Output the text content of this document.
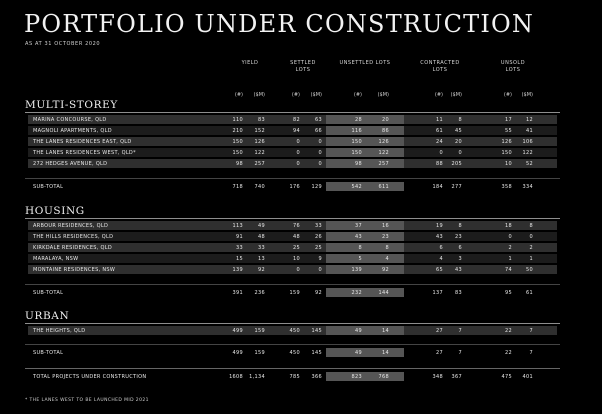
PORTFOLIO UNDER CONSTRUCTION
AS AT 31 OCTOBER 2020
YIELD	SETTLED LOTS
UNSETTLED LOTS	CONTRACTED LOTS
UNSOLD LOTS
(#)	($M)	(#)	($M)	(#)	($M)	(#)	($M)	(#)	($M)
MULTI-STOREY
MARINA CONCOURSE, QLD	110	83	82	63	28	20	11	8	17	12
MAGNOLI APARTMENTS, QLD	210	152	94	66	116	86	61	45	55	41
THE LANES RESIDENCES EAST, QLD	150	126	0	0	150	126	24	20	126	106
THE LANES RESIDENCES WEST, QLD*	150	122	0	0	150	122	0	0	150	122
272 HEDGES AVENUE, QLD	98	257	0	0	98	257	88	205	10	52
SUB-TOTAL	718	740	176	129	542	611	184	277	358	334
HOUSING
ARBOUR RESIDENCES, QLD	113	49	76	33	37	16	19	8	18	8
THE HILLS RESIDENCES, QLD	91	48	48	26	43	23	43	23	0	0
KIRKDALE RESIDENCES, QLD	33	33	25	25	8	8	6	6	2	2
MARALAYA, NSW	15	13	10	9	5	4	4	3	1	1
MONTAINE RESIDENCES, NSW	139	92	0	0	139	92	65	43	74	50
SUB-TOTAL	391	236	159	92	232	144	137	83	95	61
URBAN
THE HEIGHTS, QLD	499	159	450	145	49	14	27	7	22	7
SUB-TOTAL	499	159	450	145	49	14	27	7	22	7
TOTAL PROJECTS UNDER CONSTRUCTION	1608	1,134	785	366	823	768	348	367	475	401
* THE LANES WEST TO BE LAUNCHED MID 2021
